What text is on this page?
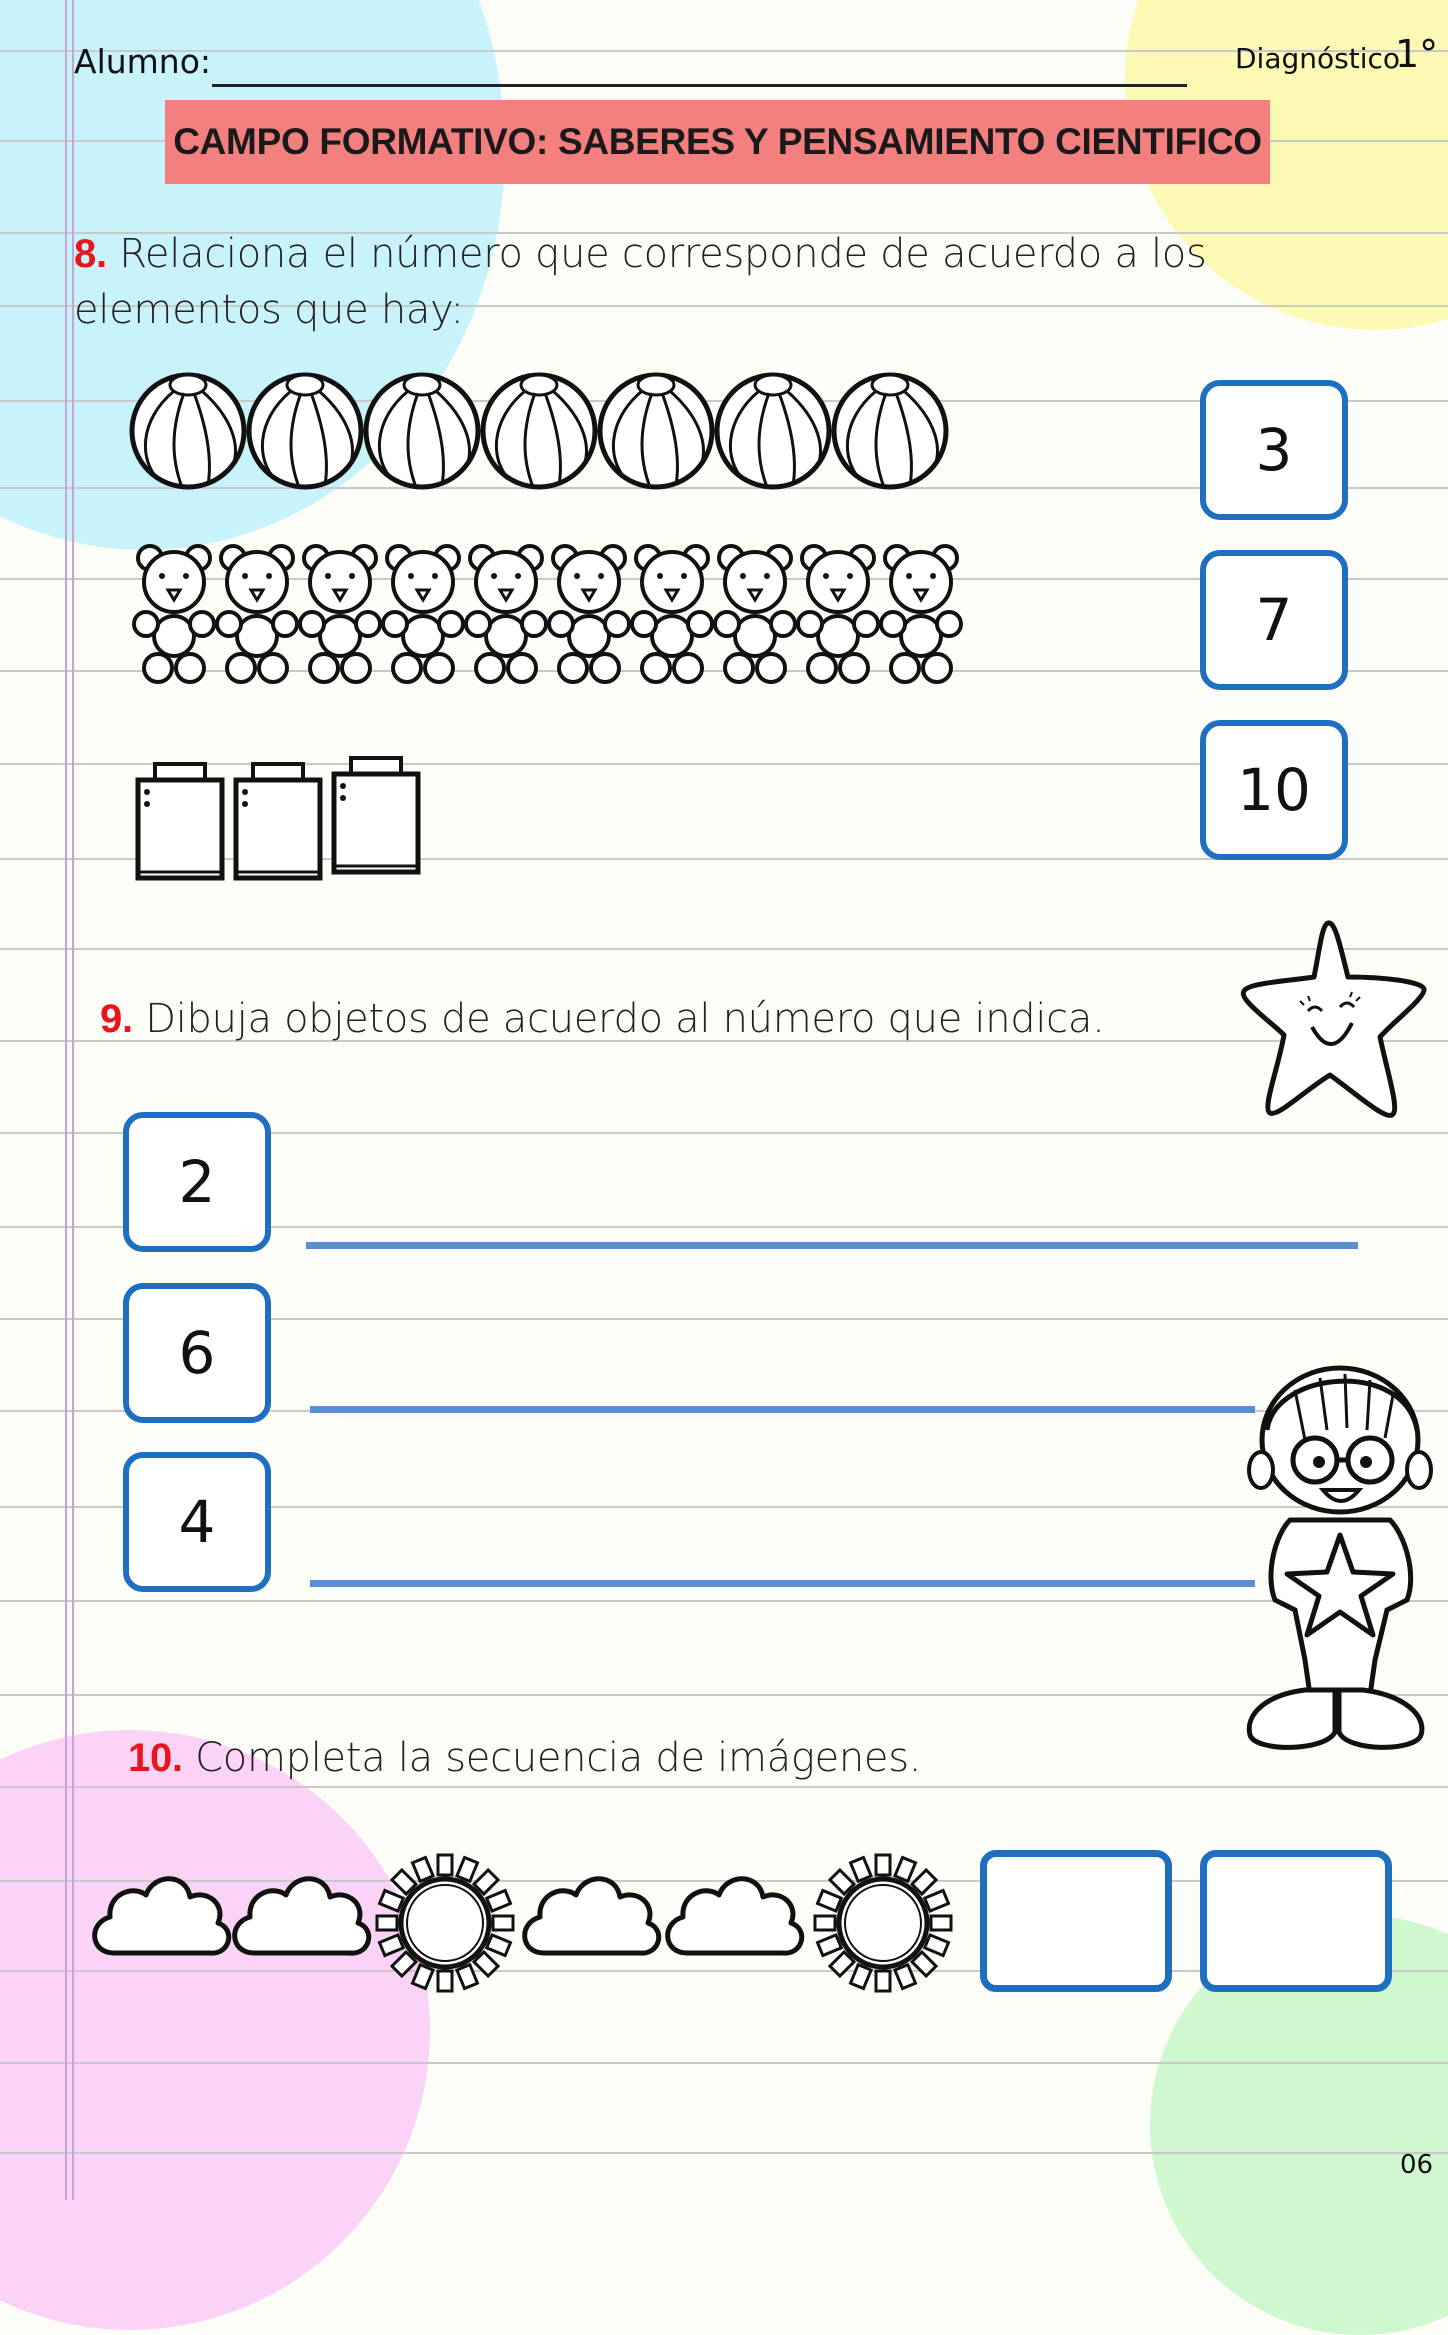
Alumno:	Diagnóstico
1°
CAMPO FORMATIVO: SABERES Y PENSAMIENTO CIENTIFICO
8. Relaciona el número que corresponde de acuerdo a los elementos que hay:
3
7
10
9. Dibuja objetos de acuerdo al número que indica.
2
6
4
10. Completa la secuencia de imágenes.
06
